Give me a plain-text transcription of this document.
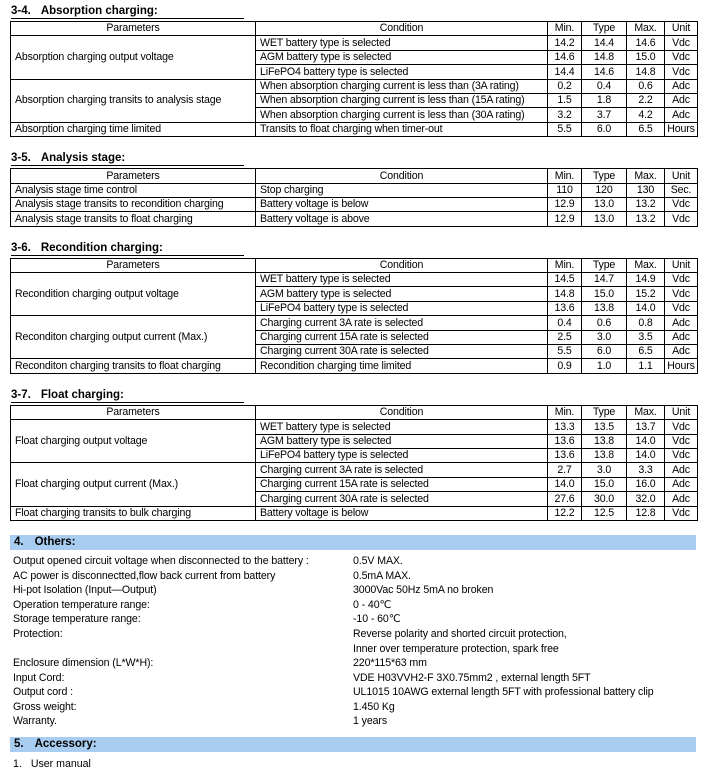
3-4. Absorption charging:
Parameters	Condition	Min.	Type	Max.	Unit
Absorption charging output voltage	WET battery type is selected	14.2	14.4	14.6	Vdc
	AGM battery type is selected	14.6	14.8	15.0	Vdc
	LiFePO4 battery type is selected	14.4	14.6	14.8	Vdc
Absorption charging transits to analysis stage	When absorption charging current is less than (3A rating)	0.2	0.4	0.6	Adc
	When absorption charging current is less than (15A rating)	1.5	1.8	2.2	Adc
	When absorption charging current is less than (30A rating)	3.2	3.7	4.2	Adc
Absorption charging time limited	Transits to float charging when timer-out	5.5	6.0	6.5	Hours
3-5. Analysis stage:
Parameters	Condition	Min.	Type	Max.	Unit
Analysis stage time control	Stop charging	110	120	130	Sec.
Analysis stage transits to recondition charging	Battery voltage is below	12.9	13.0	13.2	Vdc
Analysis stage transits to float charging	Battery voltage is above	12.9	13.0	13.2	Vdc
3-6. Recondition charging:
Parameters	Condition	Min.	Type	Max.	Unit
Recondition charging output voltage	WET battery type is selected	14.5	14.7	14.9	Vdc
	AGM battery type is selected	14.8	15.0	15.2	Vdc
	LiFePO4 battery type is selected	13.6	13.8	14.0	Vdc
Reconditon charging output current (Max.)	Charging current 3A rate is selected	0.4	0.6	0.8	Adc
	Charging current 15A rate is selected	2.5	3.0	3.5	Adc
	Charging current 30A rate is selected	5.5	6.0	6.5	Adc
Reconditon charging transits to float charging	Recondition charging time limited	0.9	1.0	1.1	Hours
3-7. Float charging:
Parameters	Condition	Min.	Type	Max.	Unit
Float charging output voltage	WET battery type is selected	13.3	13.5	13.7	Vdc
	AGM battery type is selected	13.6	13.8	14.0	Vdc
	LiFePO4 battery type is selected	13.6	13.8	14.0	Vdc
Float charging output current (Max.)	Charging current 3A rate is selected	2.7	3.0	3.3	Adc
	Charging current 15A rate is selected	14.0	15.0	16.0	Adc
	Charging current 30A rate is selected	27.6	30.0	32.0	Adc
Float charging transits to bulk charging	Battery voltage is below	12.2	12.5	12.8	Vdc
4. Others:
Output opened circuit voltage when disconnected to the battery :	0.5V MAX.
AC power is disconnectted,flow back current from battery	0.5mA MAX.
Hi-pot Isolation (Input—Output)	3000Vac 50Hz 5mA no broken
Operation temperature range:	0 - 40℃
Storage temperature range:	-10 - 60℃
Protection:	Reverse polarity and shorted circuit protection,
Inner over temperature protection, spark free
Enclosure dimension (L*W*H):	220*115*63 mm
Input Cord:	VDE H03VVH2-F 3X0.75mm2 , external length 5FT
Output cord :	UL1015 10AWG external length 5FT with professional battery clip
Gross weight:	1.450 Kg
Warranty.	1 years
5. Accessory:
1. User manual
